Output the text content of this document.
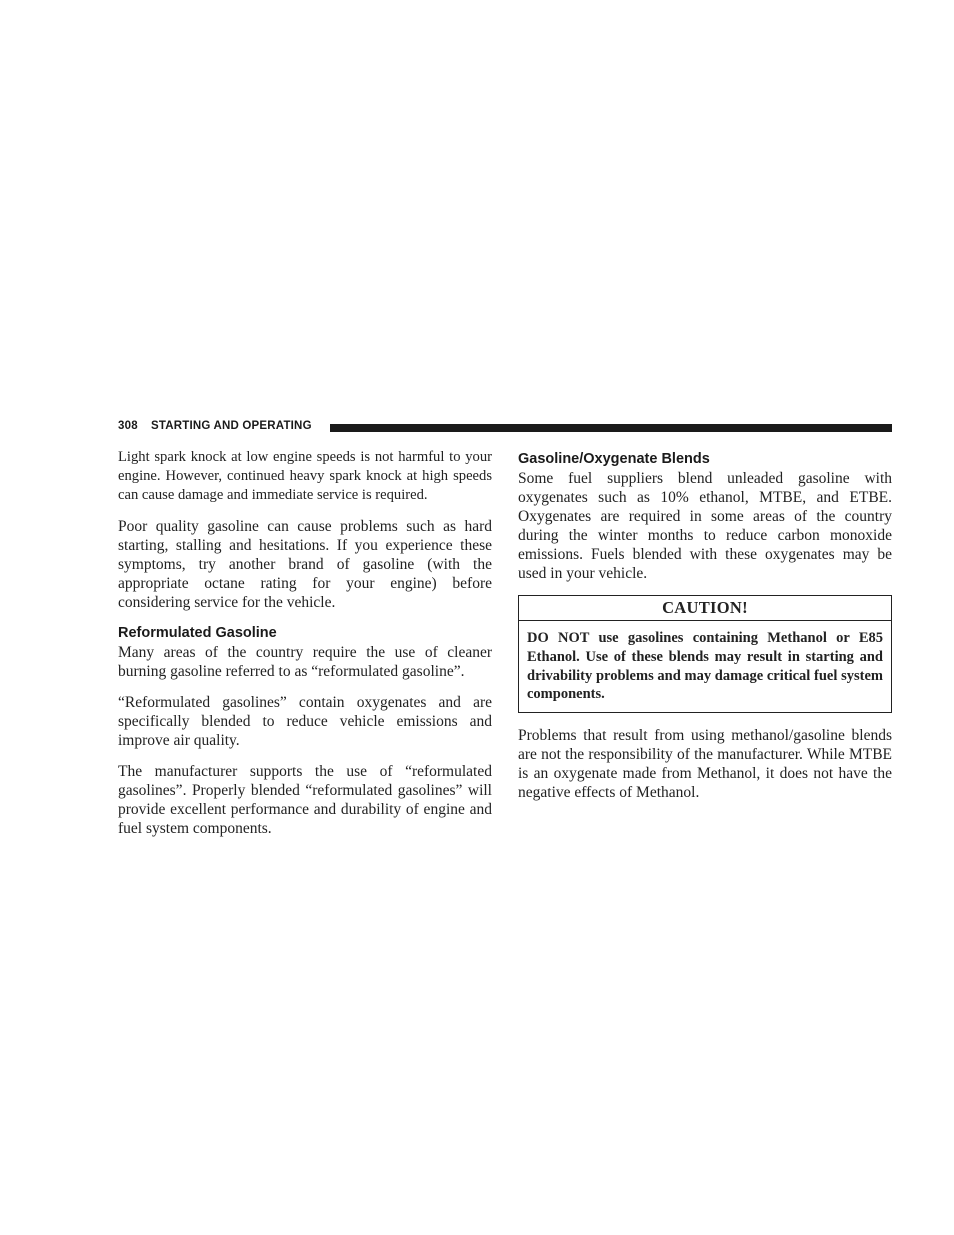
308 STARTING AND OPERATING

Light spark knock at low engine speeds is not harmful to your engine. However, continued heavy spark knock at high speeds can cause damage and immediate service is required.

Poor quality gasoline can cause problems such as hard starting, stalling and hesitations. If you experience these symptoms, try another brand of gasoline (with the appropriate octane rating for your engine) before considering service for the vehicle.

Reformulated Gasoline

Many areas of the country require the use of cleaner burning gasoline referred to as “reformulated gasoline”.

“Reformulated gasolines” contain oxygenates and are specifically blended to reduce vehicle emissions and improve air quality.

The manufacturer supports the use of “reformulated gasolines”. Properly blended “reformulated gasolines” will provide excellent performance and durability of engine and fuel system components.

Gasoline/Oxygenate Blends

Some fuel suppliers blend unleaded gasoline with oxygenates such as 10% ethanol, MTBE, and ETBE. Oxygenates are required in some areas of the country during the winter months to reduce carbon monoxide emissions. Fuels blended with these oxygenates may be used in your vehicle.

CAUTION!
DO NOT use gasolines containing Methanol or E85 Ethanol. Use of these blends may result in starting and drivability problems and may damage critical fuel system components.

Problems that result from using methanol/gasoline blends are not the responsibility of the manufacturer. While MTBE is an oxygenate made from Methanol, it does not have the negative effects of Methanol.
